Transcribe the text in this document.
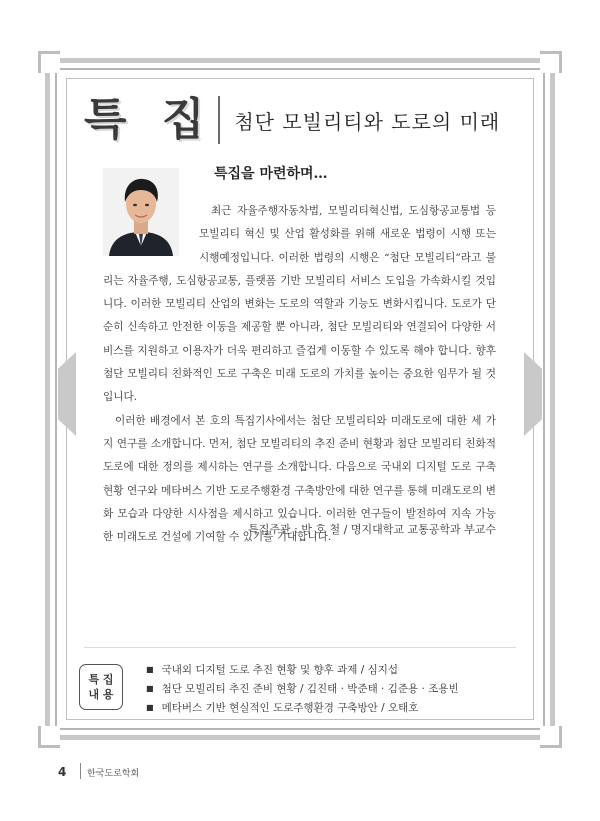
특 집 첨단 모빌리티와 도로의 미래
특집을 마련하며…

최근 자율주행자동차법, 모빌리티혁신법, 도심항공교통법 등 모빌리티 혁신 및 산업 활성화를 위해 새로운 법령이 시행 또는 시행예정입니다. 이러한 법령의 시행은 “첨단 모빌리티”라고 불리는 자율주행, 도심항공교통, 플랫폼 기반 모빌리티 서비스 도입을 가속화시킬 것입니다. 이러한 모빌리티 산업의 변화는 도로의 역할과 기능도 변화시킵니다. 도로가 단순히 신속하고 안전한 이동을 제공할 뿐 아니라, 첨단 모빌리티와 연결되어 다양한 서비스를 지원하고 이용자가 더욱 편리하고 즐겁게 이동할 수 있도록 해야 합니다. 향후 첨단 모빌리티 친화적인 도로 구축은 미래 도로의 가치를 높이는 중요한 임무가 될 것입니다.

이러한 배경에서 본 호의 특집기사에서는 첨단 모빌리티와 미래도로에 대한 세 가지 연구를 소개합니다. 먼저, 첨단 모빌리티의 추진 준비 현황과 첨단 모빌리티 친화적 도로에 대한 정의를 제시하는 연구를 소개합니다. 다음으로 국내외 디지털 도로 구축현황 연구와 메타버스 기반 도로주행환경 구축방안에 대한 연구를 통해 미래도로의 변화 모습과 다양한 시사점을 제시하고 있습니다. 이러한 연구들이 발전하여 지속 가능한 미래도로 건설에 기여할 수 있기를 기대합니다.

특집주관 : 박 호 철 / 명지대학교 교통공학과 부교수
특 집
내 용
■ 국내외 디지털 도로 추진 현황 및 향후 과제 / 심지섭
■ 첨단 모빌리티 추진 준비 현황 / 김진태 · 박준태 · 김준용 · 조용빈
■ 메타버스 기반 현실적인 도로주행환경 구축방안 / 오태호
4 한국도로학회
